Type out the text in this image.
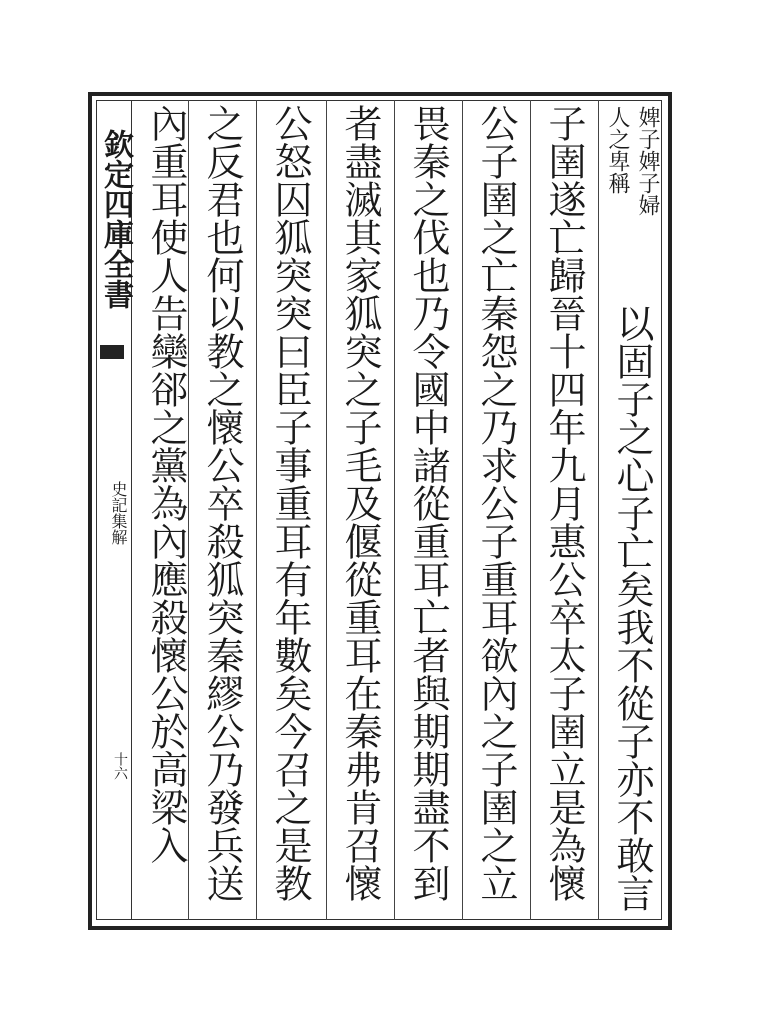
欽定四庫全書
史記集解
十六
婢子婢子婦
人之卑稱
以固子之心子亡矣我不從子亦不敢言
子圉遂亡歸晉十四年九月惠公卒太子圉立是為懷
公子圉之亡秦怨之乃求公子重耳欲內之子圉之立
畏秦之伐也乃令國中諸從重耳亡者與期期盡不到
者盡滅其家狐突之子毛及偃從重耳在秦弗肯召懷
公怒囚狐突突曰臣子事重耳有年數矣今召之是教
之反君也何以教之懷公卒殺狐突秦繆公乃發兵送
內重耳使人告欒郤之黨為內應殺懷公於高梁入
